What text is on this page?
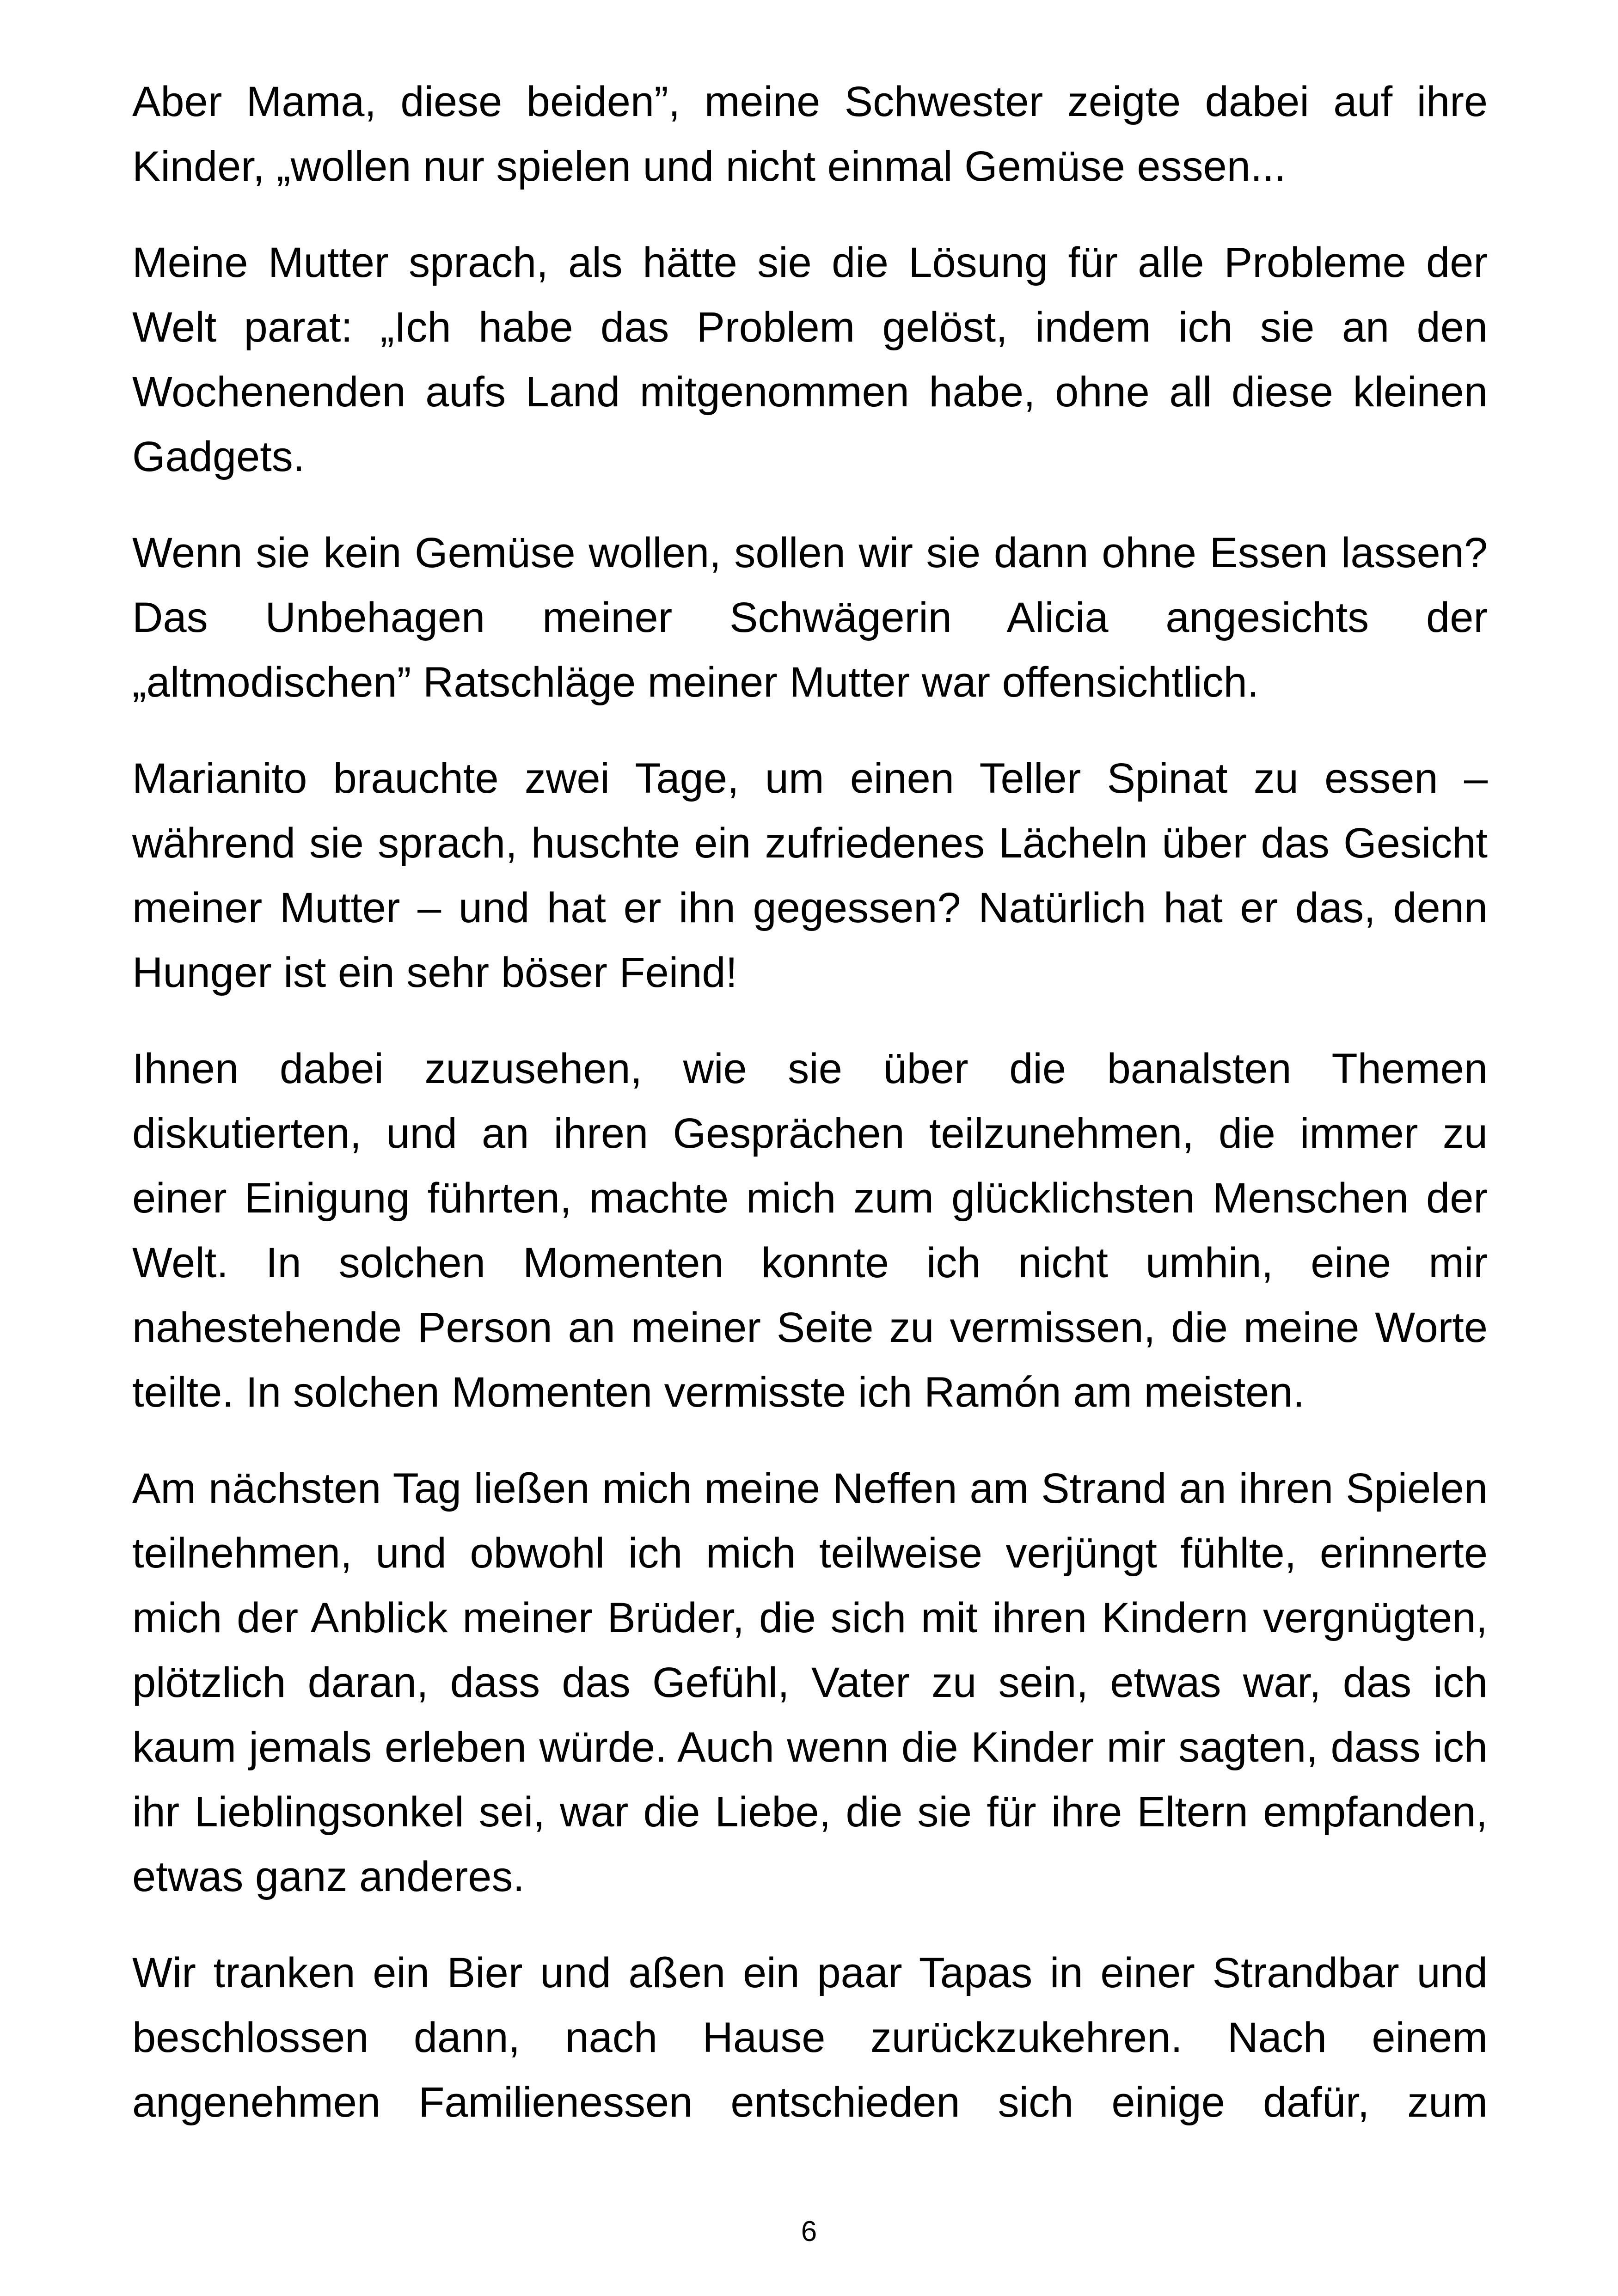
Aber Mama, diese beiden”, meine Schwester zeigte dabei auf ihre Kinder, „wollen nur spielen und nicht einmal Gemüse essen...

Meine Mutter sprach, als hätte sie die Lösung für alle Probleme der Welt parat: „Ich habe das Problem gelöst, indem ich sie an den Wochenenden aufs Land mitgenommen habe, ohne all diese kleinen Gadgets.

Wenn sie kein Gemüse wollen, sollen wir sie dann ohne Essen lassen? Das Unbehagen meiner Schwägerin Alicia angesichts der „altmodischen” Ratschläge meiner Mutter war offensichtlich.

Marianito brauchte zwei Tage, um einen Teller Spinat zu essen – während sie sprach, huschte ein zufriedenes Lächeln über das Gesicht meiner Mutter – und hat er ihn gegessen? Natürlich hat er das, denn Hunger ist ein sehr böser Feind!

Ihnen dabei zuzusehen, wie sie über die banalsten Themen diskutierten, und an ihren Gesprächen teilzunehmen, die immer zu einer Einigung führten, machte mich zum glücklichsten Menschen der Welt. In solchen Momenten konnte ich nicht umhin, eine mir nahestehende Person an meiner Seite zu vermissen, die meine Worte teilte. In solchen Momenten vermisste ich Ramón am meisten.

Am nächsten Tag ließen mich meine Neffen am Strand an ihren Spielen teilnehmen, und obwohl ich mich teilweise verjüngt fühlte, erinnerte mich der Anblick meiner Brüder, die sich mit ihren Kindern vergnügten, plötzlich daran, dass das Gefühl, Vater zu sein, etwas war, das ich kaum jemals erleben würde. Auch wenn die Kinder mir sagten, dass ich ihr Lieblingsonkel sei, war die Liebe, die sie für ihre Eltern empfanden, etwas ganz anderes.

Wir tranken ein Bier und aßen ein paar Tapas in einer Strandbar und beschlossen dann, nach Hause zurückzukehren. Nach einem angenehmen Familienessen entschieden sich einige dafür, zum

6
